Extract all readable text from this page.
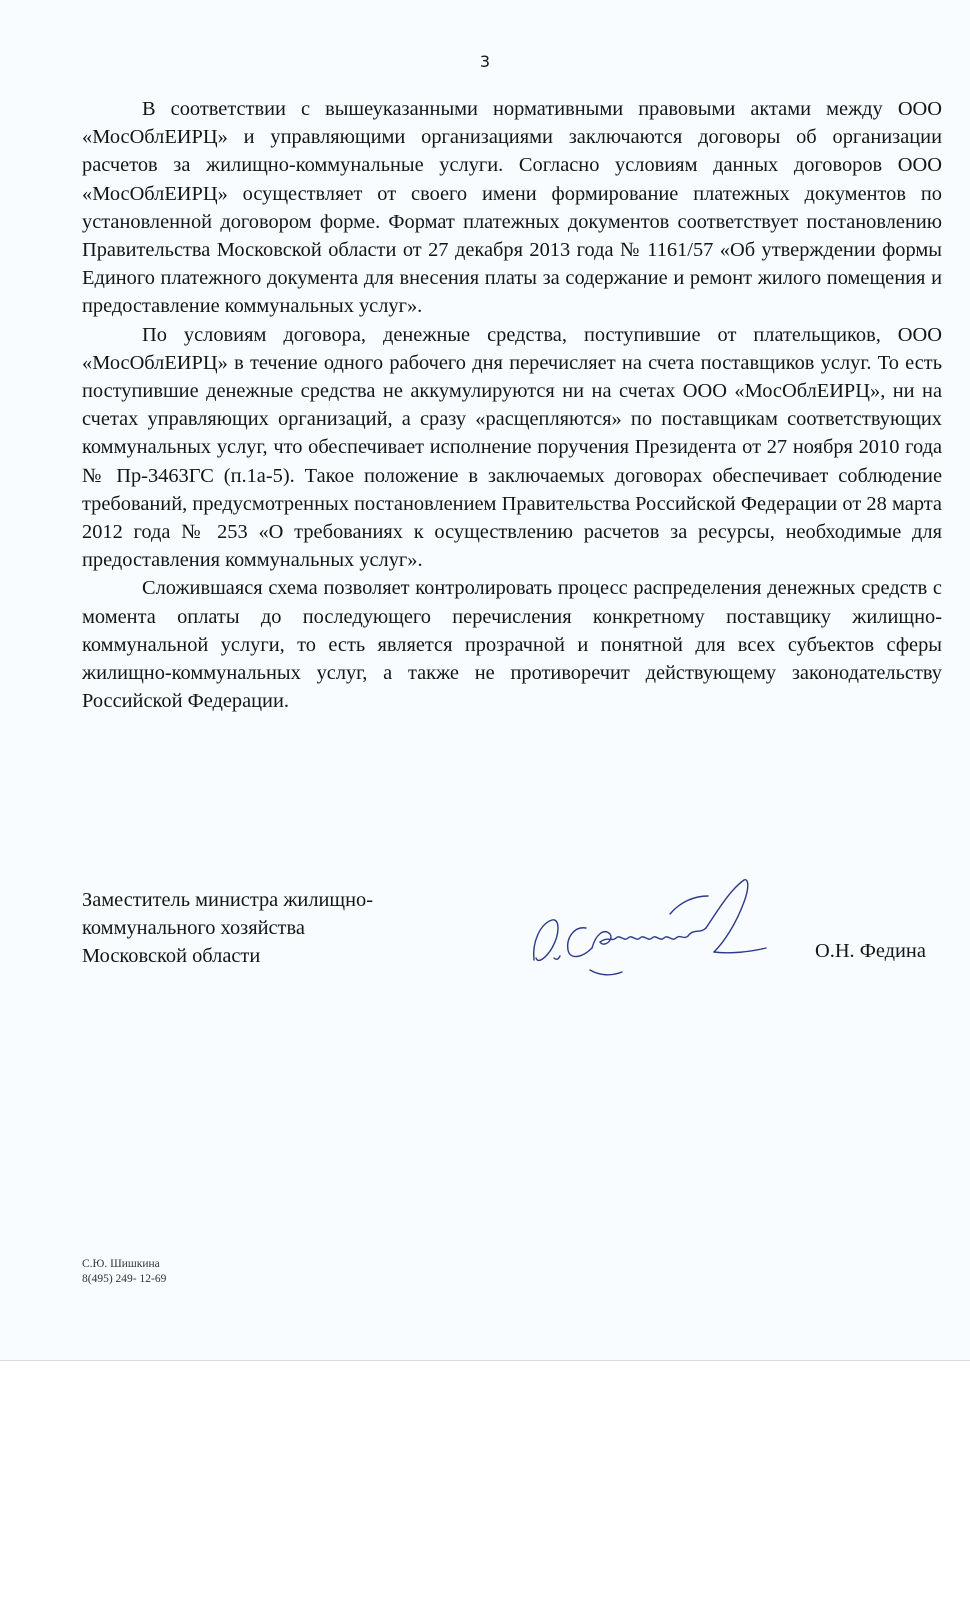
3

В соответствии с вышеуказанными нормативными правовыми актами между ООО «МосОблЕИРЦ» и управляющими организациями заключаются договоры об организации расчетов за жилищно-коммунальные услуги. Согласно условиям данных договоров ООО «МосОблЕИРЦ» осуществляет от своего имени формирование платежных документов по установленной договором форме. Формат платежных документов соответствует постановлению Правительства Московской области от 27 декабря 2013 года № 1161/57 «Об утверждении формы Единого платежного документа для внесения платы за содержание и ремонт жилого помещения и предоставление коммунальных услуг».

По условиям договора, денежные средства, поступившие от плательщиков, ООО «МосОблЕИРЦ» в течение одного рабочего дня перечисляет на счета поставщиков услуг. То есть поступившие денежные средства не аккумулируются ни на счетах ООО «МосОблЕИРЦ», ни на счетах управляющих организаций, а сразу «расщепляются» по поставщикам соответствующих коммунальных услуг, что обеспечивает исполнение поручения Президента от 27 ноября 2010 года № Пр-3463ГС (п.1а-5). Такое положение в заключаемых договорах обеспечивает соблюдение требований, предусмотренных постановлением Правительства Российской Федерации от 28 марта 2012 года № 253 «О требованиях к осуществлению расчетов за ресурсы, необходимые для предоставления коммунальных услуг».

Сложившаяся схема позволяет контролировать процесс распределения денежных средств с момента оплаты до последующего перечисления конкретному поставщику жилищно-коммунальной услуги, то есть является прозрачной и понятной для всех субъектов сферы жилищно-коммунальных услуг, а также не противоречит действующему законодательству Российской Федерации.

Заместитель министра жилищно-
коммунального хозяйства
Московской области	О.Н. Федина
С.Ю. Шишкина
8(495) 249- 12-69
